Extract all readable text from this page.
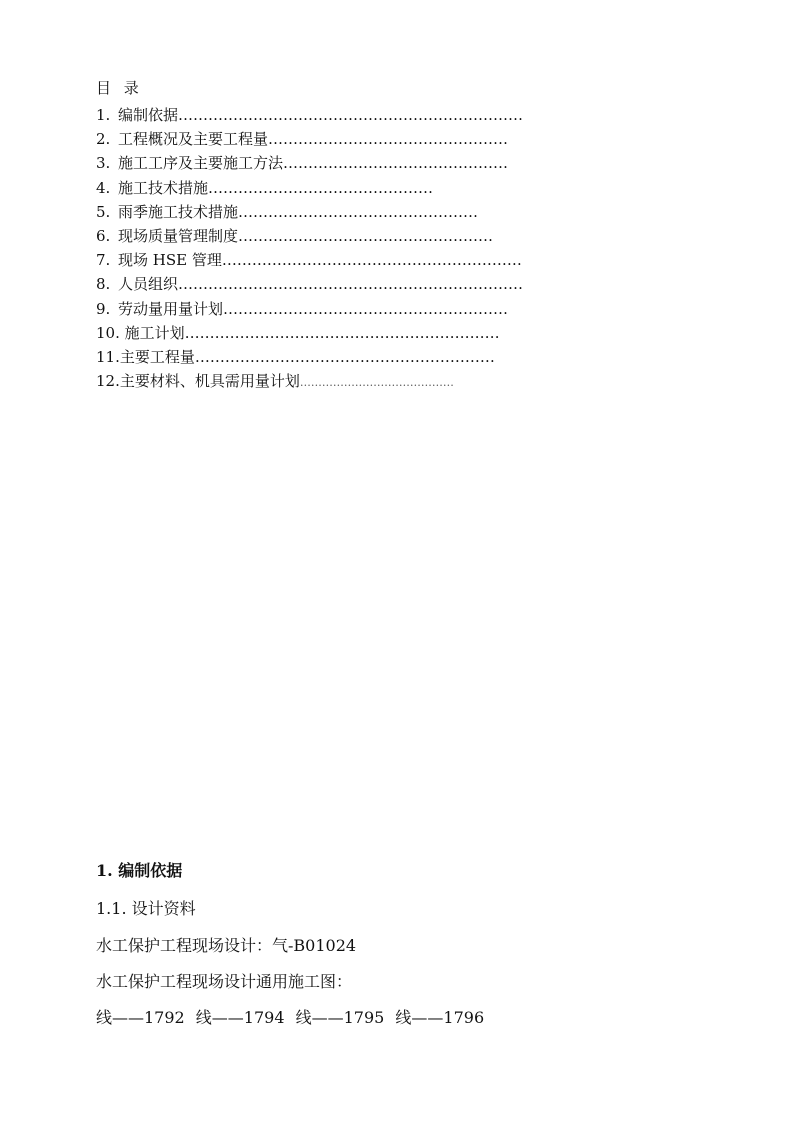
目 录
1. 编制依据……………………………………………………………
2. 工程概况及主要工程量…………………………………………
3. 施工工序及主要施工方法………………………………………
4. 施工技术措施………………………………………
5. 雨季施工技术措施…………………………………………
6. 现场质量管理制度……………………………………………
7. 现场 HSE 管理……………………………………………………
8. 人员组织……………………………………………………………
9. 劳动量用量计划…………………………………………………
10. 施工计划………………………………………………………
11.主要工程量……………………………………………………
12.主要材料、机具需用量计划……………………………………
1. 编制依据
1.1. 设计资料
水工保护工程现场设计：气-B01024
水工保护工程现场设计通用施工图：
线——1792 线——1794 线——1795 线——1796
